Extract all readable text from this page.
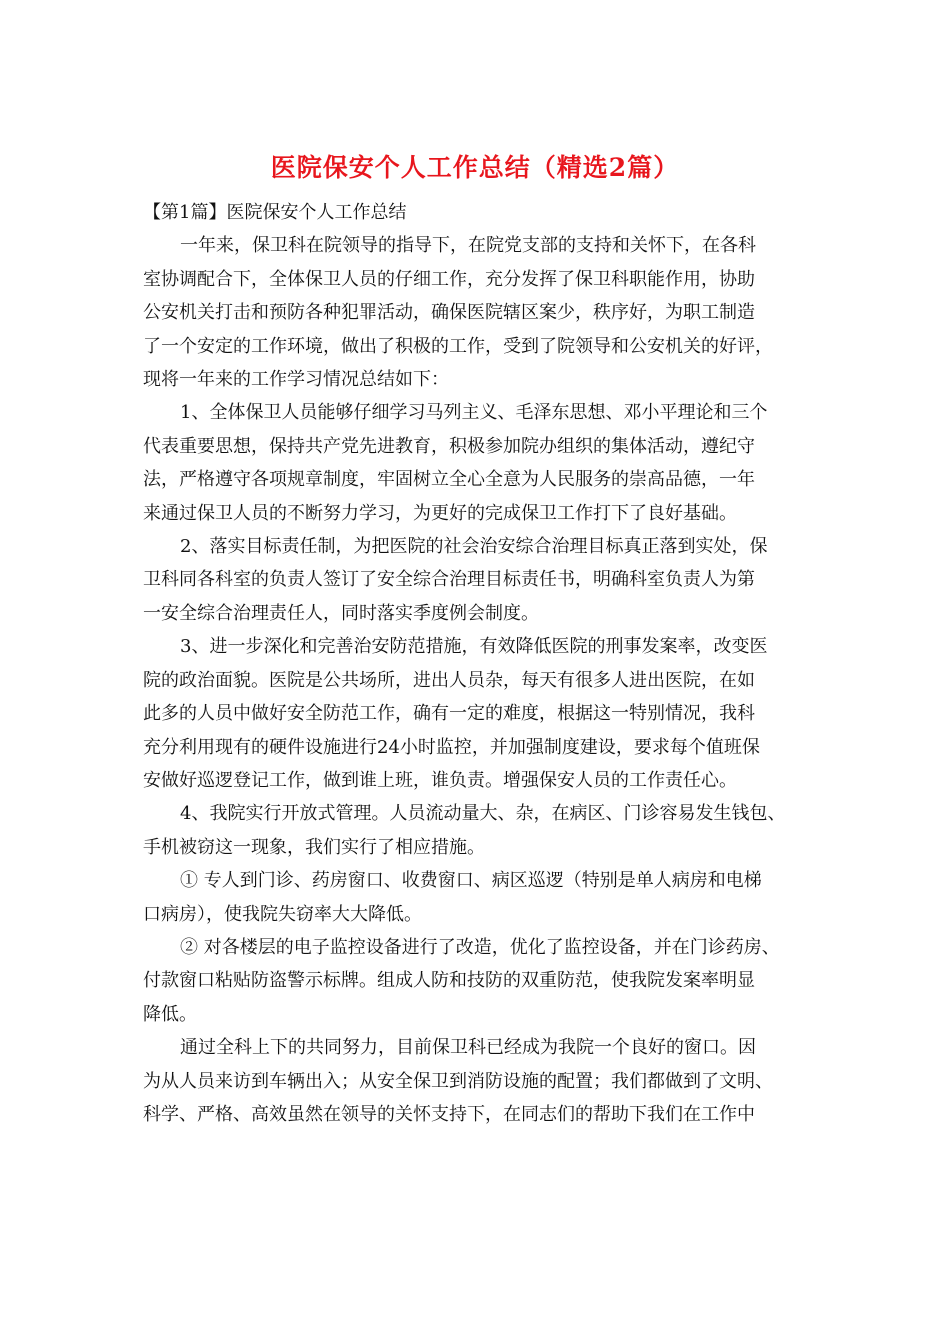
医院保安个人工作总结（精选2篇）

【第1篇】医院保安个人工作总结

一年来，保卫科在院领导的指导下，在院党支部的支持和关怀下，在各科

室协调配合下，全体保卫人员的仔细工作，充分发挥了保卫科职能作用，协助

公安机关打击和预防各种犯罪活动，确保医院辖区案少，秩序好，为职工制造

了一个安定的工作环境，做出了积极的工作，受到了院领导和公安机关的好评，

现将一年来的工作学习情况总结如下：

1、全体保卫人员能够仔细学习马列主义、毛泽东思想、邓小平理论和三个

代表重要思想，保持共产党先进教育，积极参加院办组织的集体活动，遵纪守

法，严格遵守各项规章制度，牢固树立全心全意为人民服务的崇高品德，一年

来通过保卫人员的不断努力学习，为更好的完成保卫工作打下了良好基础。

2、落实目标责任制，为把医院的社会治安综合治理目标真正落到实处，保

卫科同各科室的负责人签订了安全综合治理目标责任书，明确科室负责人为第

一安全综合治理责任人，同时落实季度例会制度。

3、进一步深化和完善治安防范措施，有效降低医院的刑事发案率，改变医

院的政治面貌。医院是公共场所，进出人员杂，每天有很多人进出医院，在如

此多的人员中做好安全防范工作，确有一定的难度，根据这一特别情况，我科

充分利用现有的硬件设施进行24小时监控，并加强制度建设，要求每个值班保

安做好巡逻登记工作，做到谁上班，谁负责。增强保安人员的工作责任心。

4、我院实行开放式管理。人员流动量大、杂，在病区、门诊容易发生钱包、

手机被窃这一现象，我们实行了相应措施。

① 专人到门诊、药房窗口、收费窗口、病区巡逻（特别是单人病房和电梯

口病房），使我院失窃率大大降低。

② 对各楼层的电子监控设备进行了改造，优化了监控设备，并在门诊药房、

付款窗口粘贴防盗警示标牌。组成人防和技防的双重防范，使我院发案率明显

降低。

通过全科上下的共同努力，目前保卫科已经成为我院一个良好的窗口。因

为从人员来访到车辆出入；从安全保卫到消防设施的配置；我们都做到了文明、

科学、严格、高效虽然在领导的关怀支持下，在同志们的帮助下我们在工作中
